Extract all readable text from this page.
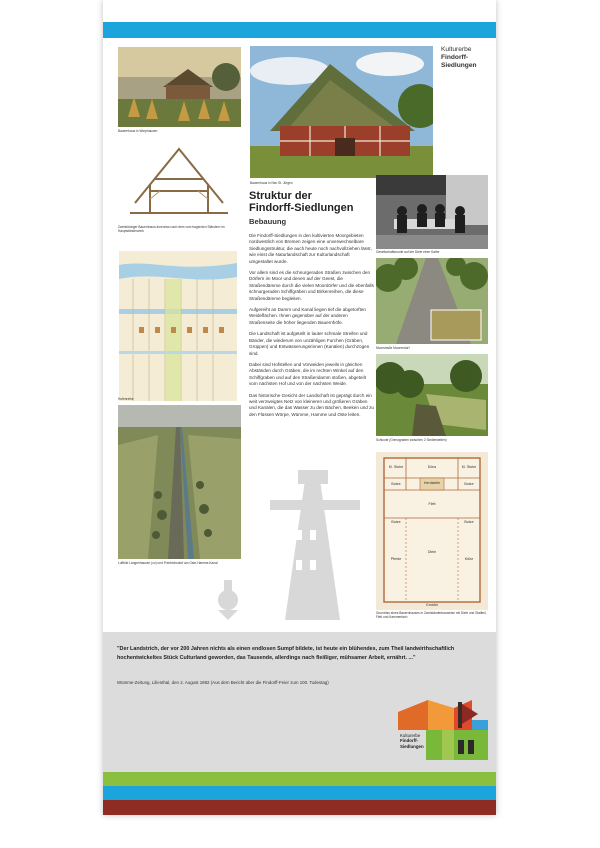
Kulturerbe
Findorff-
Siedlungen
Bauernhaus in Worphausen
Bauernhaus in Neu St. Jürgen
Zweistöckiger Bauernhaus-Innenriss nach dem vom tragenden Ständern im Hauptständerwerk
Hufenreihe
Luftbild Langenhausen (vo) und Friedrichsdorf am Oste-Hamme-Kanal
Struktur der
Findorff-Siedlungen
Bebauung

Die Findorff-Siedlungen in den kultivierten Moorgebieten nordwestlich von Bremen zeigen eine unverwechselbare Siedlungsstruktur, die auch heute noch nachvollziehen lässt, wie einst die Naturlandschaft zur Kulturlandschaft umgestaltet wurde.

Vor allem sind es die schnurgeraden Straßen zwischen den Dörfern im Moor und denen auf der Geest, die Straßendämme durch die vielen Moordörfer und die ebenfalls schnurgeraden Schiffgräben und Birkenreihen, die diese Straßendämme begleiten.

Aufgereiht an Damm und Kanal liegen tief die abgetorften Weideflächen. Ihnen gegenüber auf der anderen Straßenseite die höher liegenden Bauernhöfe.

Die Landschaft ist aufgeteilt in lauter schmale Streifen und Bänder, die wiederum von unzähligen Furchen (Gräben, Grüppen) und Entwässerungsrinnen (Kanälen) durchzogen sind.

Dabei sind Hofstellen und Vorweiden jeweils in gleichen Abständen durch Gräben, die im rechten Winkel auf den Schiffgraben und auf den Straßendamm stoßen, abgeteilt vom nächsten Hof und von der nächsten Weide.

Das historische Gesicht der Landschaft ist geprägt durch ein weit verzweigtes Netz von kleineren und größeren Gräben und Kanälen, die das Wasser zu den Bächen, Beeken und zu den Flüssen Wörpe, Wümme, Hamme und Oste leiten.

Gesellschaftsrunde auf der Diele einer Kathe
Moorstraße Moorendorf
Schloote (Grenzgraben zwischen 2 Siedlerstellen)
Kl. Stube	Döns	Kl. Stube
Butze	Herdstelle	Butze
Flett
Butze	Butze
Diele
Pferde	Kühe
Grotdör
Grundriss eines Bauernhauses in Zweiständerbauweise mit Diele und Stallteil, Flett und Kammerfach
"Der Landstrich, der vor 200 Jahren nichts als einen endlosen Sumpf bildete, ist heute ein blühendes, zum Theil landwirthschaftlich hochentwickeltes Stück Culturland geworden, das Tausende, allerdings nach fleißiger, mühsamer Arbeit, ernährt. ..."
Wümme-Zeitung, Lilienthal, den 2. August 1892 (Aus dem Bericht über die Findorff-Feier zum 100. Todestag)
Kulturerbe
Findorff-
Siedlungen
